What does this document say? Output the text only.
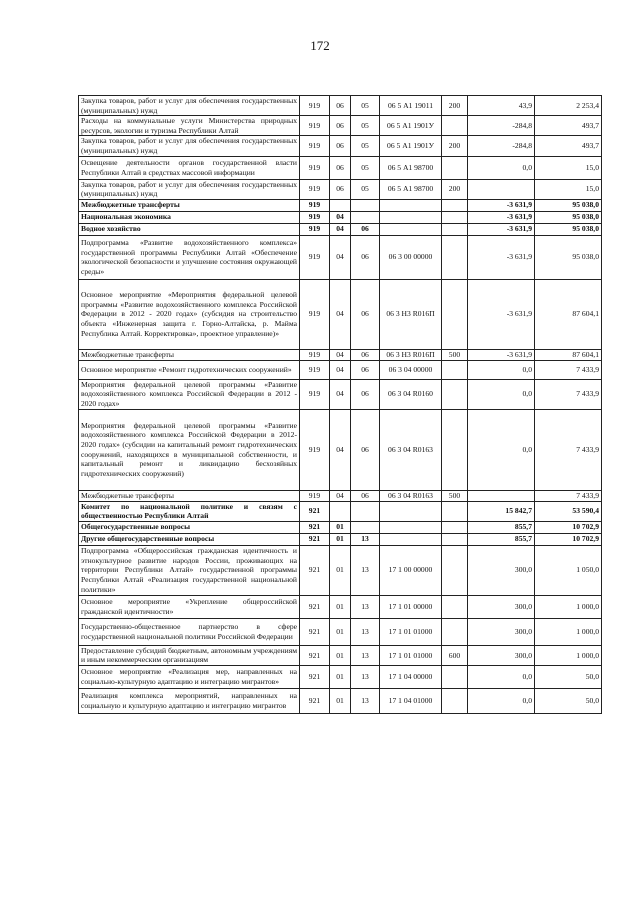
172
Закупка товаров, работ и услуг для обеспечения государственных (муниципальных) нужд	919	06	05	06 5 А1 19011	200	43,9	2 253,4
Расходы на коммунальные услуги Министерства природных ресурсов, экологии и туризма Республики Алтай	919	06	05	06 5 А1 1901У		-284,8	493,7
Закупка товаров, работ и услуг для обеспечения государственных (муниципальных) нужд	919	06	05	06 5 А1 1901У	200	-284,8	493,7
Освещение деятельности органов государственной власти Республики Алтай в средствах массовой информации	919	06	05	06 5 А1 98700		0,0	15,0
Закупка товаров, работ и услуг для обеспечения государственных (муниципальных) нужд	919	06	05	06 5 А1 98700	200		15,0
Межбюджетные трансферты	919					-3 631,9	95 038,0
Национальная экономика	919	04				-3 631,9	95 038,0
Водное хозяйство	919	04	06			-3 631,9	95 038,0
Подпрограмма «Развитие водохозяйственного комплекса» государственной программы Республики Алтай «Обеспечение экологической безопасности и улучшение состояния окружающей среды»	919	04	06	06 3 00 00000		-3 631,9	95 038,0
Основное мероприятие «Мероприятия федеральной целевой программы «Развитие водохозяйственного комплекса Российской Федерации в 2012 - 2020 годах» (субсидия на строительство объекта «Инженерная защита г. Горно-Алтайска, р. Майма Республика Алтай. Корректировка», проектное управление)»	919	04	06	06 3 Н3 R016П		-3 631,9	87 604,1
Межбюджетные трансферты	919	04	06	06 3 Н3 R016П	500	-3 631,9	87 604,1
Основное мероприятие «Ремонт гидротехнических сооружений»	919	04	06	06 3 04 00000		0,0	7 433,9
Мероприятия федеральной целевой программы «Развитие водохозяйственного комплекса Российской Федерации в 2012 - 2020 годах»	919	04	06	06 3 04 R0160		0,0	7 433,9
Мероприятия федеральной целевой программы «Развитие водохозяйственного комплекса Российской Федерации в 2012-2020 годах» (субсидии на капитальный ремонт гидротехнических сооружений, находящихся в муниципальной собственности, и капитальный ремонт и ликвидацию бесхозяйных гидротехнических сооружений)	919	04	06	06 3 04 R0163		0,0	7 433,9
Межбюджетные трансферты	919	04	06	06 3 04 R0163	500		7 433,9
Комитет по национальной политике и связям с общественностью Республики Алтай	921					15 842,7	53 590,4
Общегосударственные вопросы	921	01				855,7	10 702,9
Другие общегосударственные вопросы	921	01	13			855,7	10 702,9
Подпрограмма «Общероссийская гражданская идентичность и этнокультурное развитие народов России, проживающих на территории Республики Алтай» государственной программы Республики Алтай «Реализация государственной национальной политики»	921	01	13	17 1 00 00000		300,0	1 050,0
Основное мероприятие «Укрепление общероссийской гражданской идентичности»	921	01	13	17 1 01 00000		300,0	1 000,0
Государственно-общественное партнерство в сфере государственной национальной политики Российской Федерации	921	01	13	17 1 01 01000		300,0	1 000,0
Предоставление субсидий бюджетным, автономным учреждениям и иным некоммерческим организациям	921	01	13	17 1 01 01000	600	300,0	1 000,0
Основное мероприятие «Реализация мер, направленных на социально-культурную адаптацию и интеграцию мигрантов»	921	01	13	17 1 04 00000		0,0	50,0
Реализация комплекса мероприятий, направленных на социальную и культурную адаптацию и интеграцию мигрантов	921	01	13	17 1 04 01000		0,0	50,0
